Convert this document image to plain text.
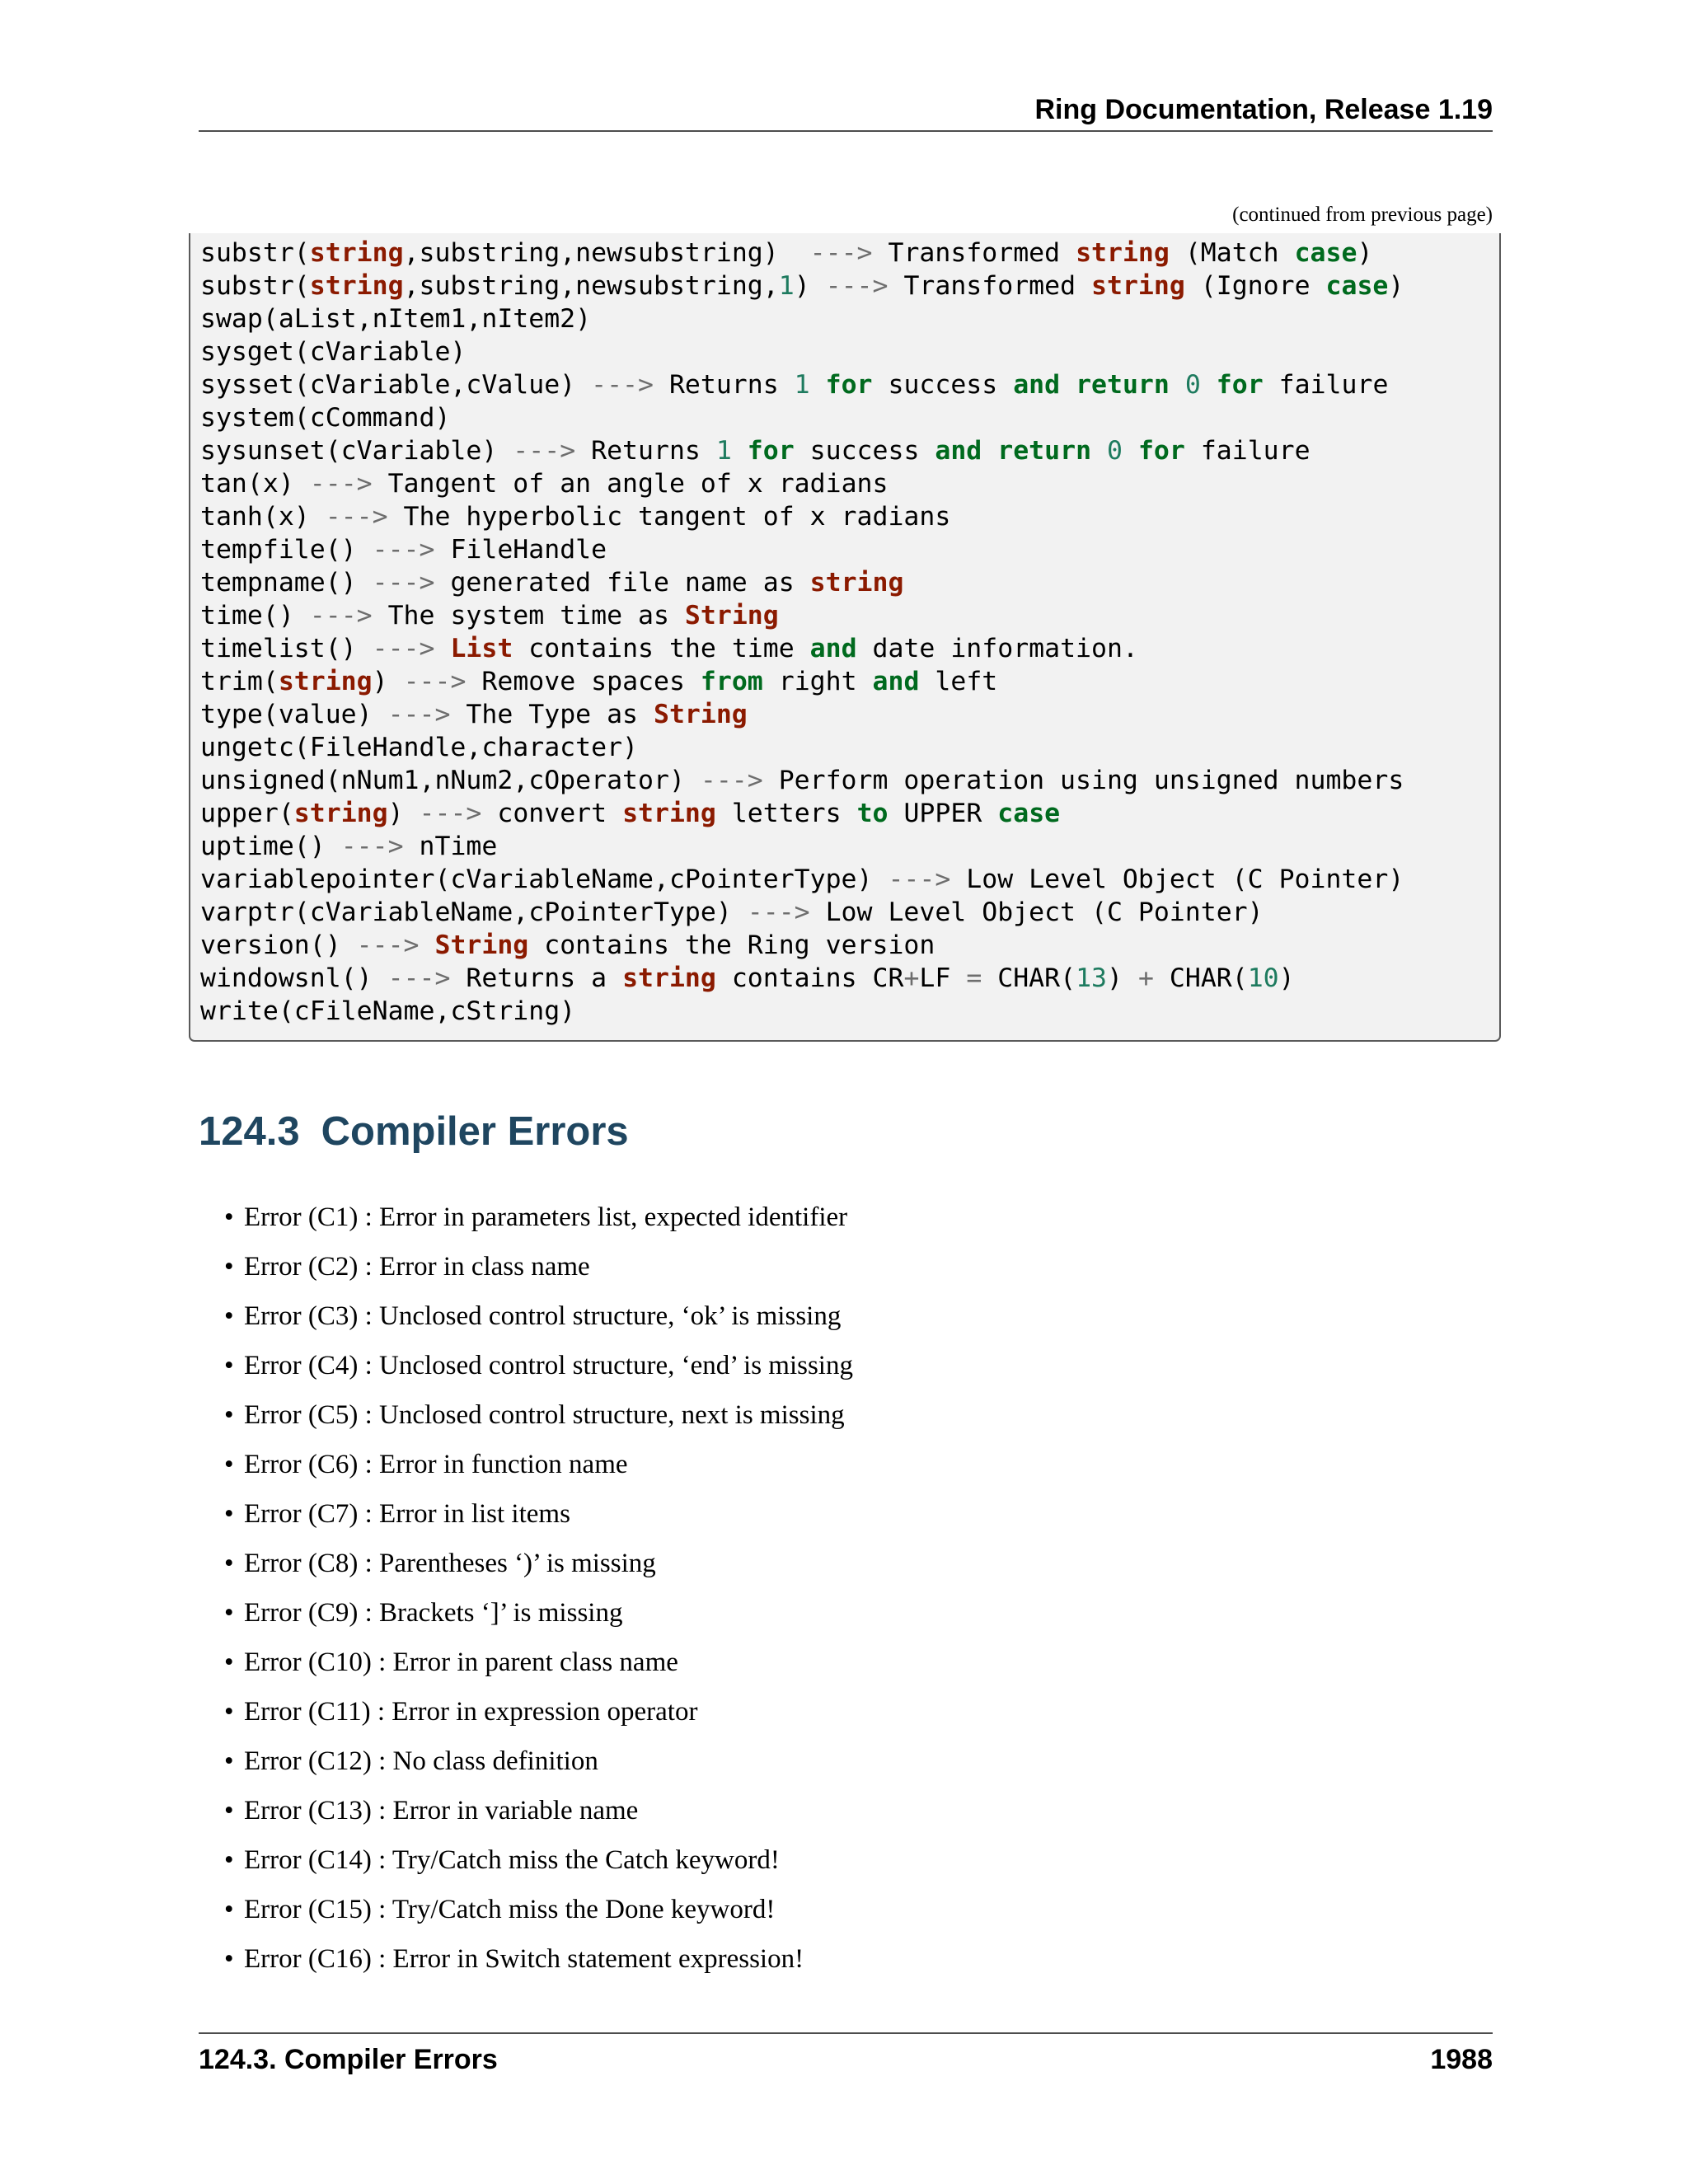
Ring Documentation, Release 1.19
(continued from previous page)
substr(string,substring,newsubstring)  ---> Transformed string (Match case)
substr(string,substring,newsubstring,1) ---> Transformed string (Ignore case)
swap(aList,nItem1,nItem2)
sysget(cVariable)
sysset(cVariable,cValue) ---> Returns 1 for success and return 0 for failure
system(cCommand)
sysunset(cVariable) ---> Returns 1 for success and return 0 for failure
tan(x) ---> Tangent of an angle of x radians
tanh(x) ---> The hyperbolic tangent of x radians
tempfile() ---> FileHandle
tempname() ---> generated file name as string
time() ---> The system time as String
timelist() ---> List contains the time and date information.
trim(string) ---> Remove spaces from right and left
type(value) ---> The Type as String
ungetc(FileHandle,character)
unsigned(nNum1,nNum2,cOperator) ---> Perform operation using unsigned numbers
upper(string) ---> convert string letters to UPPER case
uptime() ---> nTime
variablepointer(cVariableName,cPointerType) ---> Low Level Object (C Pointer)
varptr(cVariableName,cPointerType) ---> Low Level Object (C Pointer)
version() ---> String contains the Ring version
windowsnl() ---> Returns a string contains CR+LF = CHAR(13) + CHAR(10)
write(cFileName,cString)
124.3 Compiler Errors
• Error (C1) : Error in parameters list, expected identifier
• Error (C2) : Error in class name
• Error (C3) : Unclosed control structure, ‘ok’ is missing
• Error (C4) : Unclosed control structure, ‘end’ is missing
• Error (C5) : Unclosed control structure, next is missing
• Error (C6) : Error in function name
• Error (C7) : Error in list items
• Error (C8) : Parentheses ‘)’ is missing
• Error (C9) : Brackets ‘]’ is missing
• Error (C10) : Error in parent class name
• Error (C11) : Error in expression operator
• Error (C12) : No class definition
• Error (C13) : Error in variable name
• Error (C14) : Try/Catch miss the Catch keyword!
• Error (C15) : Try/Catch miss the Done keyword!
• Error (C16) : Error in Switch statement expression!
124.3. Compiler Errors	1988
